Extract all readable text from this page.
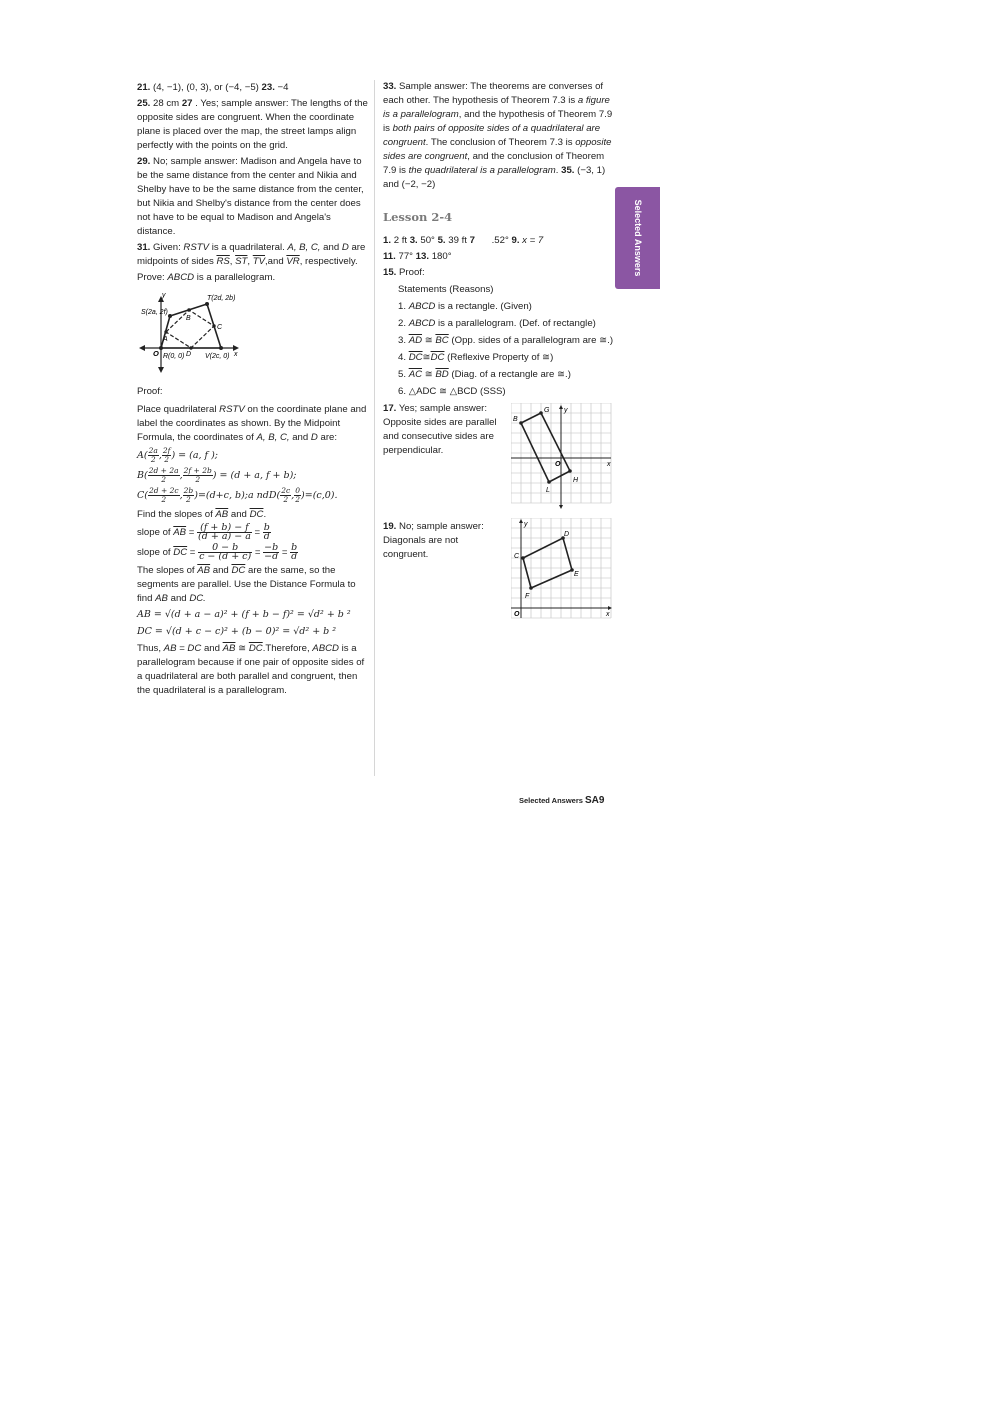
Selected Answers

21. (4, −1), (0, 3), or (−4, −5) 23. −4

25. 28 cm 27 . Yes; sample answer: The lengths of the opposite sides are congruent. When the coordinate plane is placed over the map, the street lamps align perfectly with the points on the grid.

29. No; sample answer: Madison and Angela have to be the same distance from the center and Nikia and Shelby have to be the same distance from the center, but Nikia and Shelby's distance from the center does not have to be equal to Madison and Angela's distance.

31. Given: RSTV is a quadrilateral. A, B, C, and D are midpoints of sides $\overline{RS}$, $\overline{ST}$, $\overline{TV},and$ $\overline{VR}$, respectively.

Prove: ABCD is a parallelogram.

S(2a, 2f)
T(2d, 2b)
R(0, 0)	V(2c, 0)
O	x
y
A
B
C
D

Proof:

Place quadrilateral RSTV on the coordinate plane and label the coordinates as shown. By the Midpoint Formula, the coordinates of A, B, C, and D are:

$A( \frac{2a}{2}$ , $\frac{2f}{2}$ ) = (a, f );
$B( \frac{2d + 2a}{2}$ , $\frac{2f + 2b}{2}$ ) = (d + a, f + b);
$C( \frac{2d + 2c}{2}$ , $\frac{2b}{2} )=(d+c$, b);a $ndD( \frac{2c}{2}$ , $\frac{0}{2} )=(c,0)$.

Find the slopes of $\overline{AB}$ and $\overline{DC}$.

slope of $\overline{AB} = \frac{(f + b) - f}{(d + a) - a} = \frac{b}{d}$
slope of $\overline{DC} = \frac{0 - b}{c - (d + c)} = \frac{-b}{-d} = \frac{b}{d}$

The slopes of $\overline{AB}$ and $\overline{DC}$ are the same, so the segments are parallel. Use the Distance Formula to find AB and DC.

AB = √(d + a − a)² + (f + b − f)² = √d² + b ²
DC = √(d + c − c)² + (b − 0)² = √d² + b ²

Thus, AB = DC and $\overline{AB}$ ≅ $\overline{DC}.Therefore$, ABCD is a parallelogram because if one pair of opposite sides of a quadrilateral are both parallel and congruent, then the quadrilateral is a parallelogram.

33. Sample answer: The theorems are converses of each other. The hypothesis of Theorem 7.3 is a figure is a parallelogram, and the hypothesis of Theorem 7.9 is both pairs of opposite sides of a quadrilateral are congruent. The conclusion of Theorem 7.3 is opposite sides are congruent, and the conclusion of Theorem 7.9 is the quadrilateral is a parallelogram. 35. (−3, 1) and (−2, −2)

Lesson 2-4

1. 2 ft 3. 50° 5. 39 ft 7 .52° 9. x = 7

11. 77° 13. 180°

15. Proof:

Statements (Reasons)

1. ABCD is a rectangle. (Given)

2. ABCD is a parallelogram. (Def. of rectangle)

3. $\overline{AD}$ ≅ $\overline{BC}$ (Opp. sides of a parallelogram are ≅.)

4. $\overline{DC}≅\overline{DC}$ (Reflexive Property of ≅)

5. $\overline{AC}$ ≅ $\overline{BD}$ (Diag. of a rectangle are ≅.)

6. △ADC ≅ △BCD (SSS)

17. Yes; sample answer: Opposite sides are parallel and consecutive sides are perpendicular.

B
G y
O	x
H
L

19. No; sample answer: Diagonals are not congruent.

y
D
C
E
F
O	x
Selected Answers SA9
